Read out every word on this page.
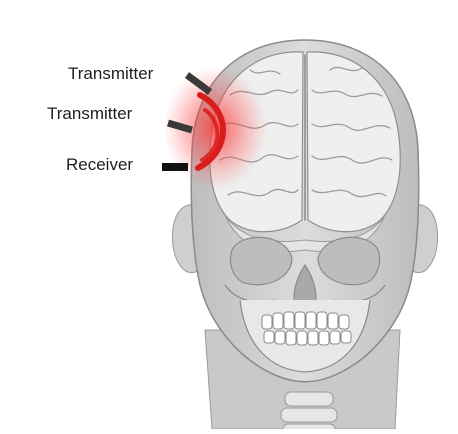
Transmitter
Transmitter
Receiver
